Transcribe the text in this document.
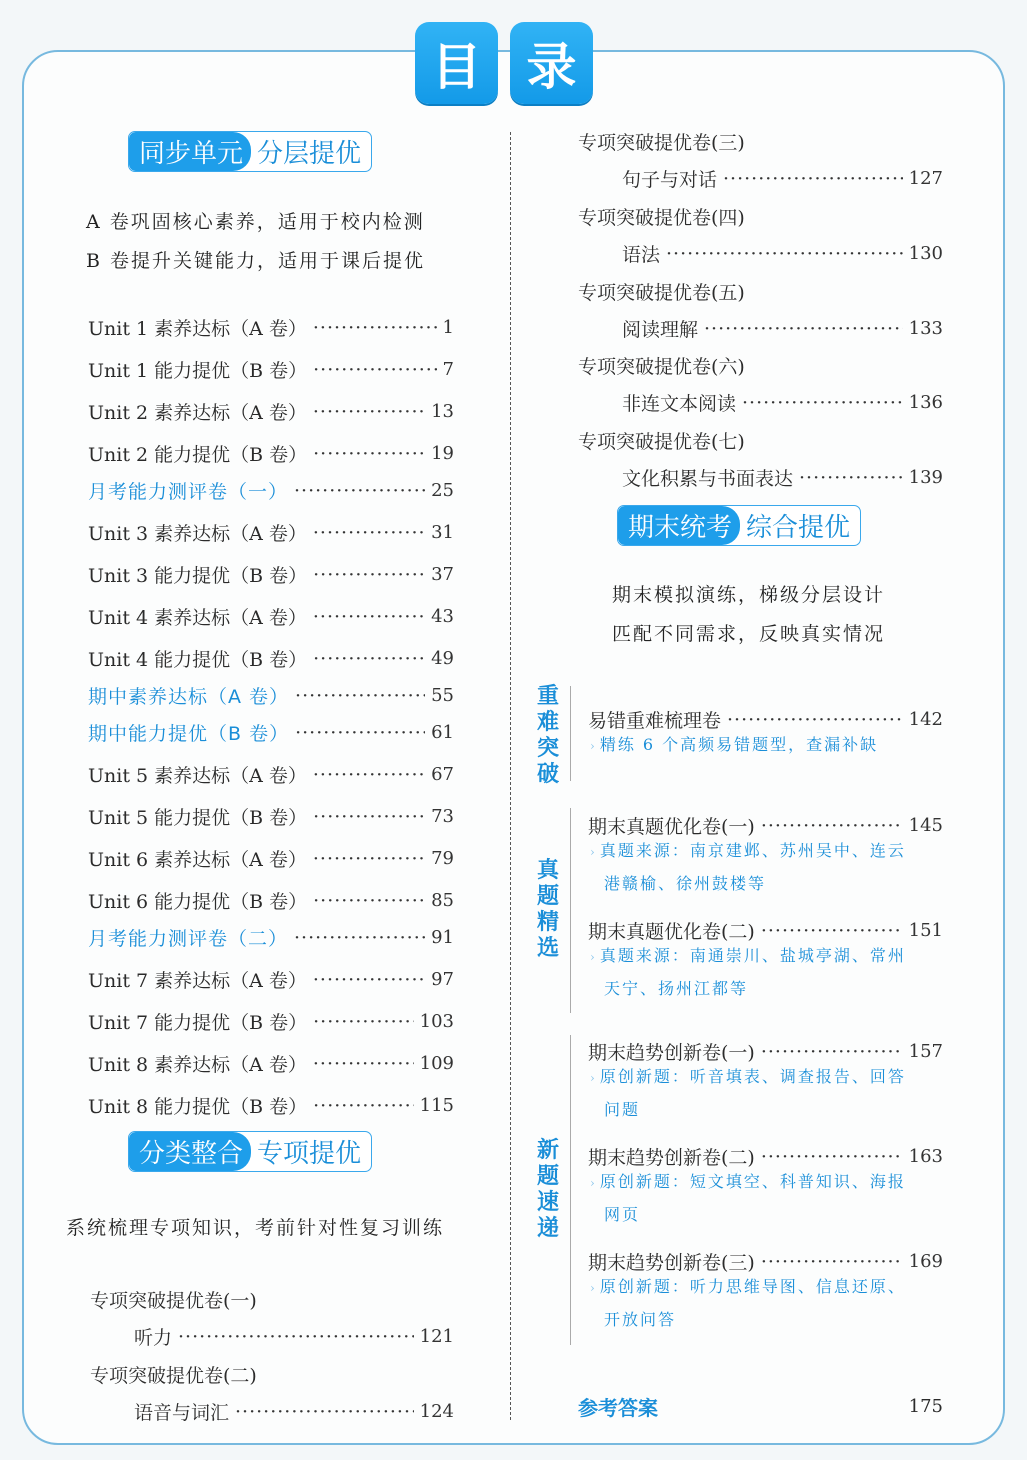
目 录
同步单元 分层提优
A 卷巩固核心素养，适用于校内检测
B 卷提升关键能力，适用于课后提优
Unit 1 素养达标（A 卷） ·····	1
Unit 1 能力提优（B 卷） ·····	7
Unit 2 素养达标（A 卷） ·····	13
Unit 2 能力提优（B 卷） ·····	19
月考能力测评卷（一） ·····	25
Unit 3 素养达标（A 卷） ·····	31
Unit 3 能力提优（B 卷） ·····	37
Unit 4 素养达标（A 卷） ·····	43
Unit 4 能力提优（B 卷） ·····	49
期中素养达标（A 卷） ·····	55
期中能力提优（B 卷） ·····	61
Unit 5 素养达标（A 卷） ·····	67
Unit 5 能力提优（B 卷） ·····	73
Unit 6 素养达标（A 卷） ·····	79
Unit 6 能力提优（B 卷） ·····	85
月考能力测评卷（二） ·····	91
Unit 7 素养达标（A 卷） ·····	97
Unit 7 能力提优（B 卷） ·····	103
Unit 8 素养达标（A 卷） ·····	109
Unit 8 能力提优（B 卷） ·····	115
分类整合 专项提优
系统梳理专项知识，考前针对性复习训练
专项突破提优卷(一)
听力 ·····	121
专项突破提优卷(二)
语音与词汇 ·····	124
专项突破提优卷(三)
句子与对话 ·····	127
专项突破提优卷(四)
语法 ·····	130
专项突破提优卷(五)
阅读理解 ·····	133
专项突破提优卷(六)
非连文本阅读 ·····	136
专项突破提优卷(七)
文化积累与书面表达 ·····	139
期末统考 综合提优
期末模拟演练，梯级分层设计
匹配不同需求，反映真实情况
重难突破
易错重难梳理卷 ·····	142
› 精练 6 个高频易错题型，查漏补缺
真题精选
期末真题优化卷(一) ·····	145
› 真题来源：南京建邺、苏州吴中、连云
港赣榆、徐州鼓楼等
期末真题优化卷(二) ·····	151
› 真题来源：南通崇川、盐城亭湖、常州
天宁、扬州江都等
新题速递
期末趋势创新卷(一) ·····	157
› 原创新题：听音填表、调查报告、回答
问题
期末趋势创新卷(二) ·····	163
› 原创新题：短文填空、科普知识、海报
网页
期末趋势创新卷(三) ·····	169
› 原创新题：听力思维导图、信息还原、
开放问答
参考答案	175
